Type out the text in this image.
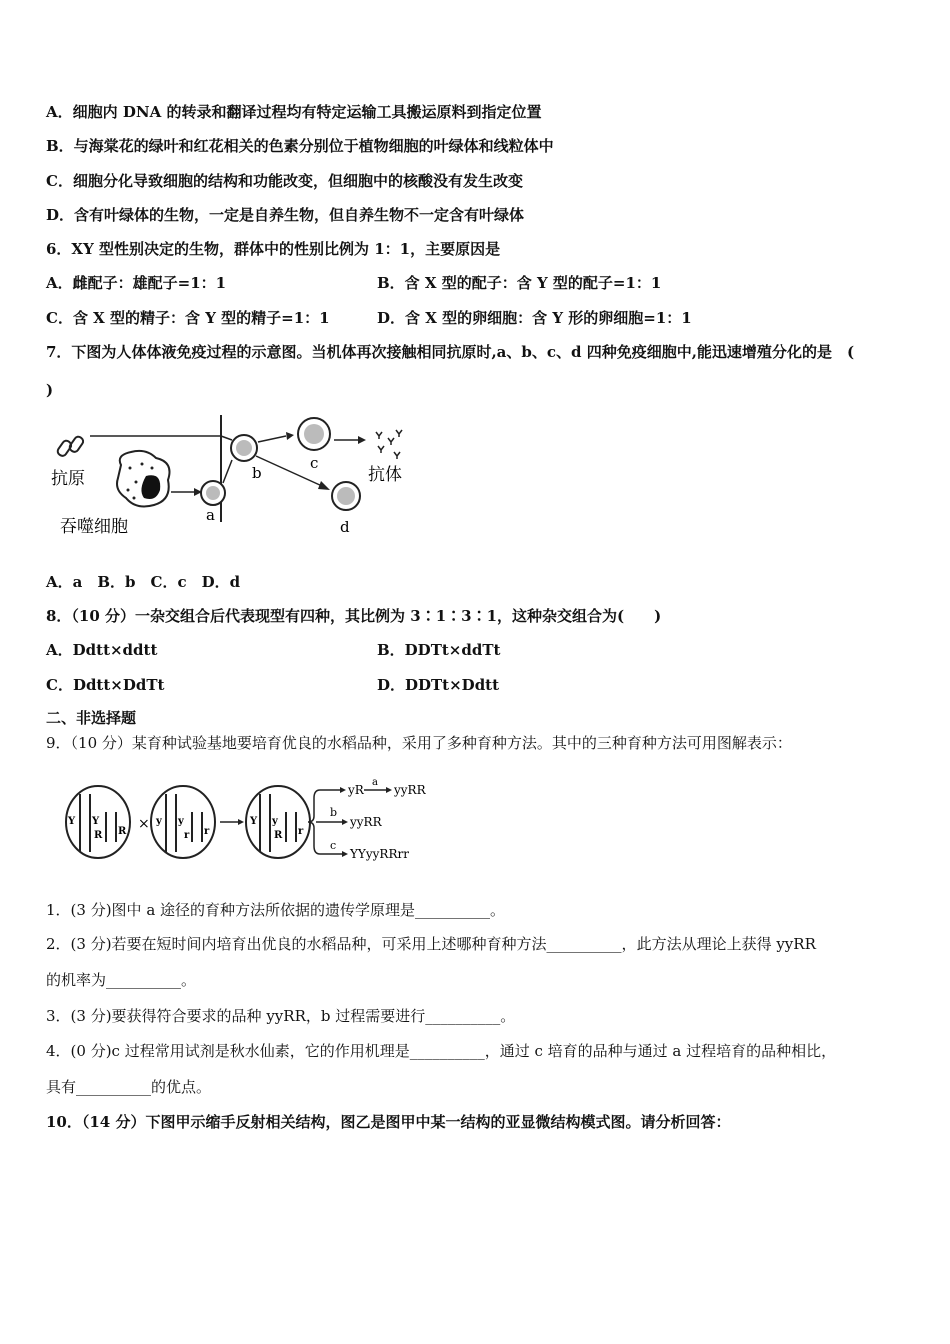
A．细胞内 DNA 的转录和翻译过程均有特定运输工具搬运原料到指定位置
B．与海棠花的绿叶和红花相关的色素分别位于植物细胞的叶绿体和线粒体中
C．细胞分化导致细胞的结构和功能改变，但细胞中的核酸没有发生改变
D．含有叶绿体的生物，一定是自养生物，但自养生物不一定含有叶绿体
6．XY 型性别决定的生物，群体中的性别比例为 1：1，主要原因是
A．雌配子：雄配子=1：1	B．含 X 型的配子：含 Y 型的配子=1：1
C．含 X 型的精子：含 Y 型的精子=1：1	D．含 X 型的卵细胞：含 Y 形的卵细胞=1：1
7．下图为人体体液免疫过程的示意图。当机体再次接触相同抗原时,a、b、c、d 四种免疫细胞中,能迅速增殖分化的是　(
)
抗原
吞噬细胞
a
b
c
抗体
d
A．a　B．b　C．c　D．d
8．（10 分）一杂交组合后代表现型有四种，其比例为 3∶1∶3∶1，这种杂交组合为(　　)
A．Ddtt×ddtt	B．DDTt×ddTt
C．Ddtt×DdTt	D．DDTt×Ddtt
二、非选择题
9．（10 分）某育种试验基地要培育优良的水稻品种，采用了多种育种方法。其中的三种育种方法可用图解表示：
Y Y
R R × y y
r r
Y y
R r
yR
a
yyRR
b
yyRR
c
YYyyRRrr
1．(3 分)图中 a 途径的育种方法所依据的遗传学原理是__________。
2．(3 分)若要在短时间内培育出优良的水稻品种，可采用上述哪种育种方法__________，此方法从理论上获得 yyRR
的机率为__________。
3．(3 分)要获得符合要求的品种 yyRR，b 过程需要进行__________。
4．(0 分)c 过程常用试剂是秋水仙素，它的作用机理是__________，通过 c 培育的品种与通过 a 过程培育的品种相比，
具有__________的优点。
10．（14 分）下图甲示缩手反射相关结构，图乙是图甲中某一结构的亚显微结构模式图。请分析回答：
